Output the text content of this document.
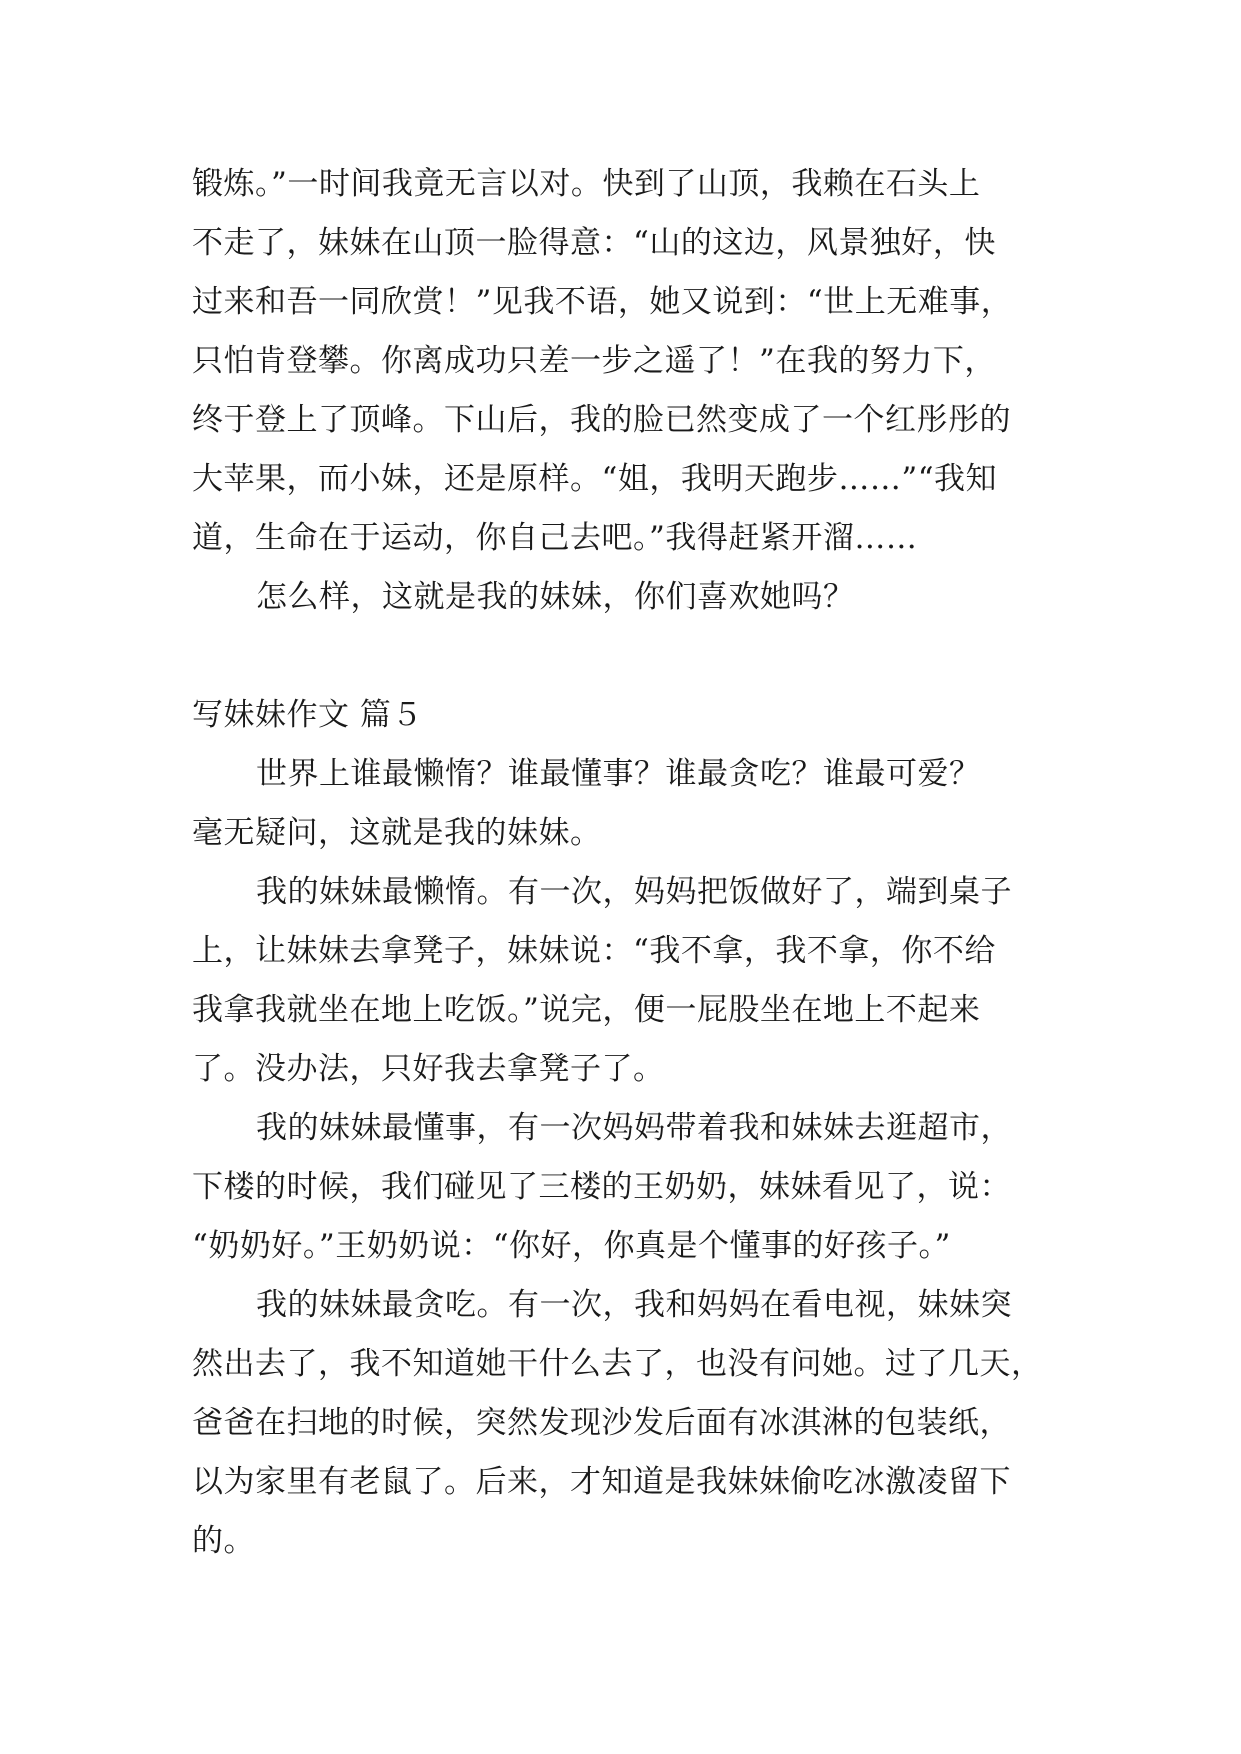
锻炼。”一时间我竟无言以对。快到了山顶，我赖在石头上
不走了，妹妹在山顶一脸得意：“山的这边，风景独好，快
过来和吾一同欣赏！”见我不语，她又说到：“世上无难事，
只怕肯登攀。你离成功只差一步之遥了！”在我的努力下，
终于登上了顶峰。下山后，我的脸已然变成了一个红彤彤的
大苹果，而小妹，还是原样。“姐，我明天跑步……”“我知
道，生命在于运动，你自己去吧。”我得赶紧开溜……
怎么样，这就是我的妹妹，你们喜欢她吗？
写妹妹作文 篇５
世界上谁最懒惰？谁最懂事？谁最贪吃？谁最可爱？
毫无疑问，这就是我的妹妹。
我的妹妹最懒惰。有一次，妈妈把饭做好了，端到桌子
上，让妹妹去拿凳子，妹妹说：“我不拿，我不拿，你不给
我拿我就坐在地上吃饭。”说完，便一屁股坐在地上不起来
了。没办法，只好我去拿凳子了。
我的妹妹最懂事，有一次妈妈带着我和妹妹去逛超市，
下楼的时候，我们碰见了三楼的王奶奶，妹妹看见了，说：
“奶奶好。”王奶奶说：“你好，你真是个懂事的好孩子。”
我的妹妹最贪吃。有一次，我和妈妈在看电视，妹妹突
然出去了，我不知道她干什么去了，也没有问她。过了几天，
爸爸在扫地的时候，突然发现沙发后面有冰淇淋的包装纸，
以为家里有老鼠了。后来，才知道是我妹妹偷吃冰激凌留下
的。
